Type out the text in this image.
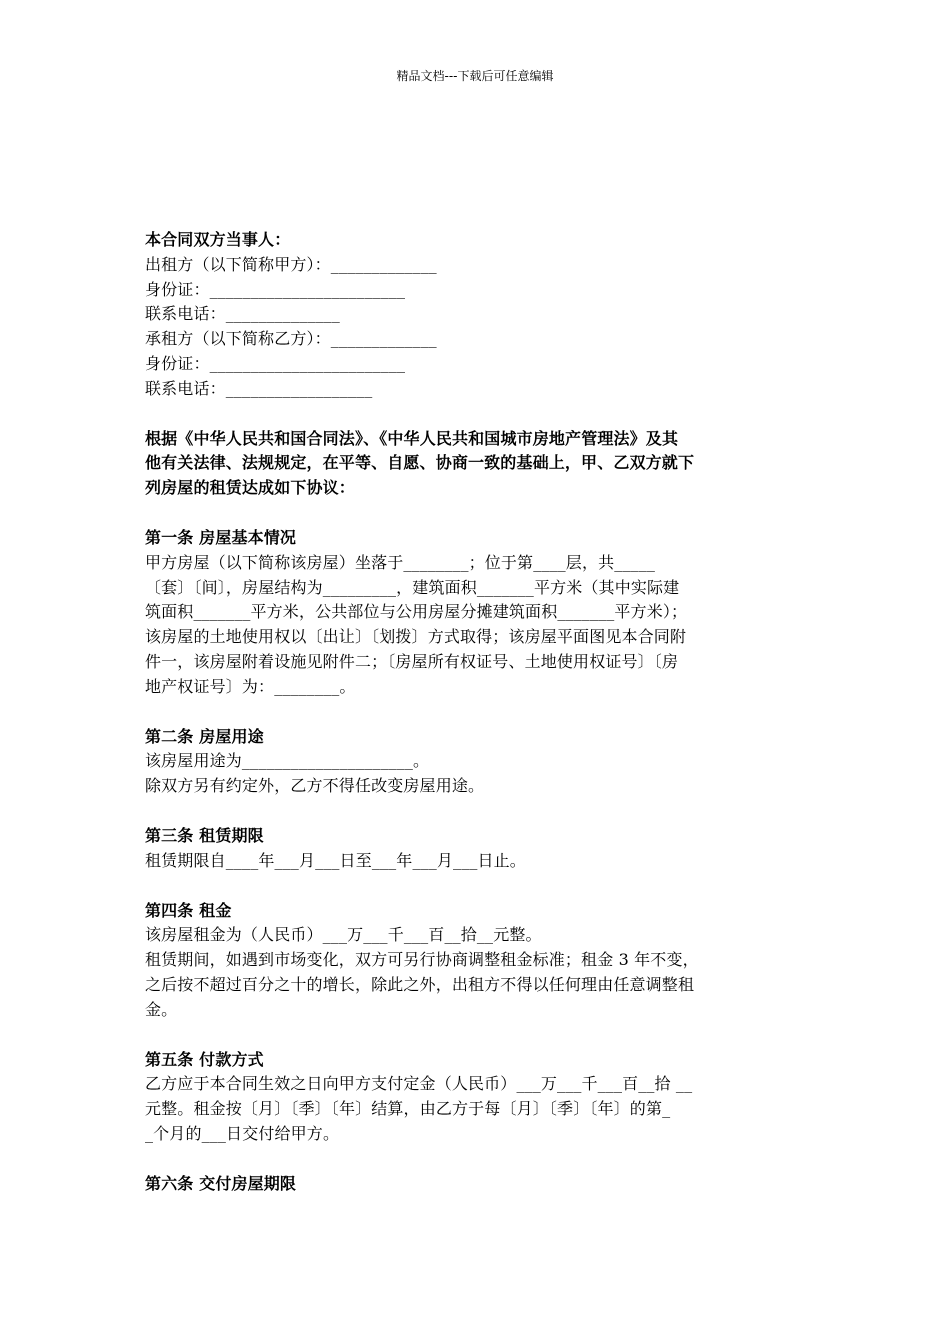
精品文档---下载后可任意编辑
本合同双方当事人：
出租方（以下简称甲方）：_____________
身份证：________________________
联系电话：______________
承租方（以下简称乙方）：_____________
身份证：________________________
联系电话：__________________
根据《中华人民共和国合同法》、《中华人民共和国城市房地产管理法》及其
他有关法律、法规规定，在平等、自愿、协商一致的基础上，甲、乙双方就下
列房屋的租赁达成如下协议：
第一条 房屋基本情况
甲方房屋（以下简称该房屋）坐落于________；位于第____层，共_____
〔套〕〔间〕，房屋结构为_________，建筑面积_______平方米（其中实际建
筑面积_______平方米，公共部位与公用房屋分摊建筑面积_______平方米）；
该房屋的土地使用权以〔出让〕〔划拨〕方式取得；该房屋平面图见本合同附
件一，该房屋附着设施见附件二；〔房屋所有权证号、土地使用权证号〕〔房
地产权证号〕为：________。
第二条 房屋用途
该房屋用途为_____________________。
除双方另有约定外，乙方不得任改变房屋用途。
第三条 租赁期限
租赁期限自____年___月___日至___年___月___日止。
第四条 租金
该房屋租金为（人民币）___万___千___百__拾__元整。
租赁期间，如遇到市场变化，双方可另行协商调整租金标准；租金 3 年不变，
之后按不超过百分之十的增长，除此之外，出租方不得以任何理由任意调整租
金。
第五条 付款方式
乙方应于本合同生效之日向甲方支付定金（人民币）___万___千___百__拾 __
元整。租金按〔月〕〔季〕〔年〕结算，由乙方于每〔月〕〔季〕〔年〕的第_
_个月的___日交付给甲方。
第六条 交付房屋期限
